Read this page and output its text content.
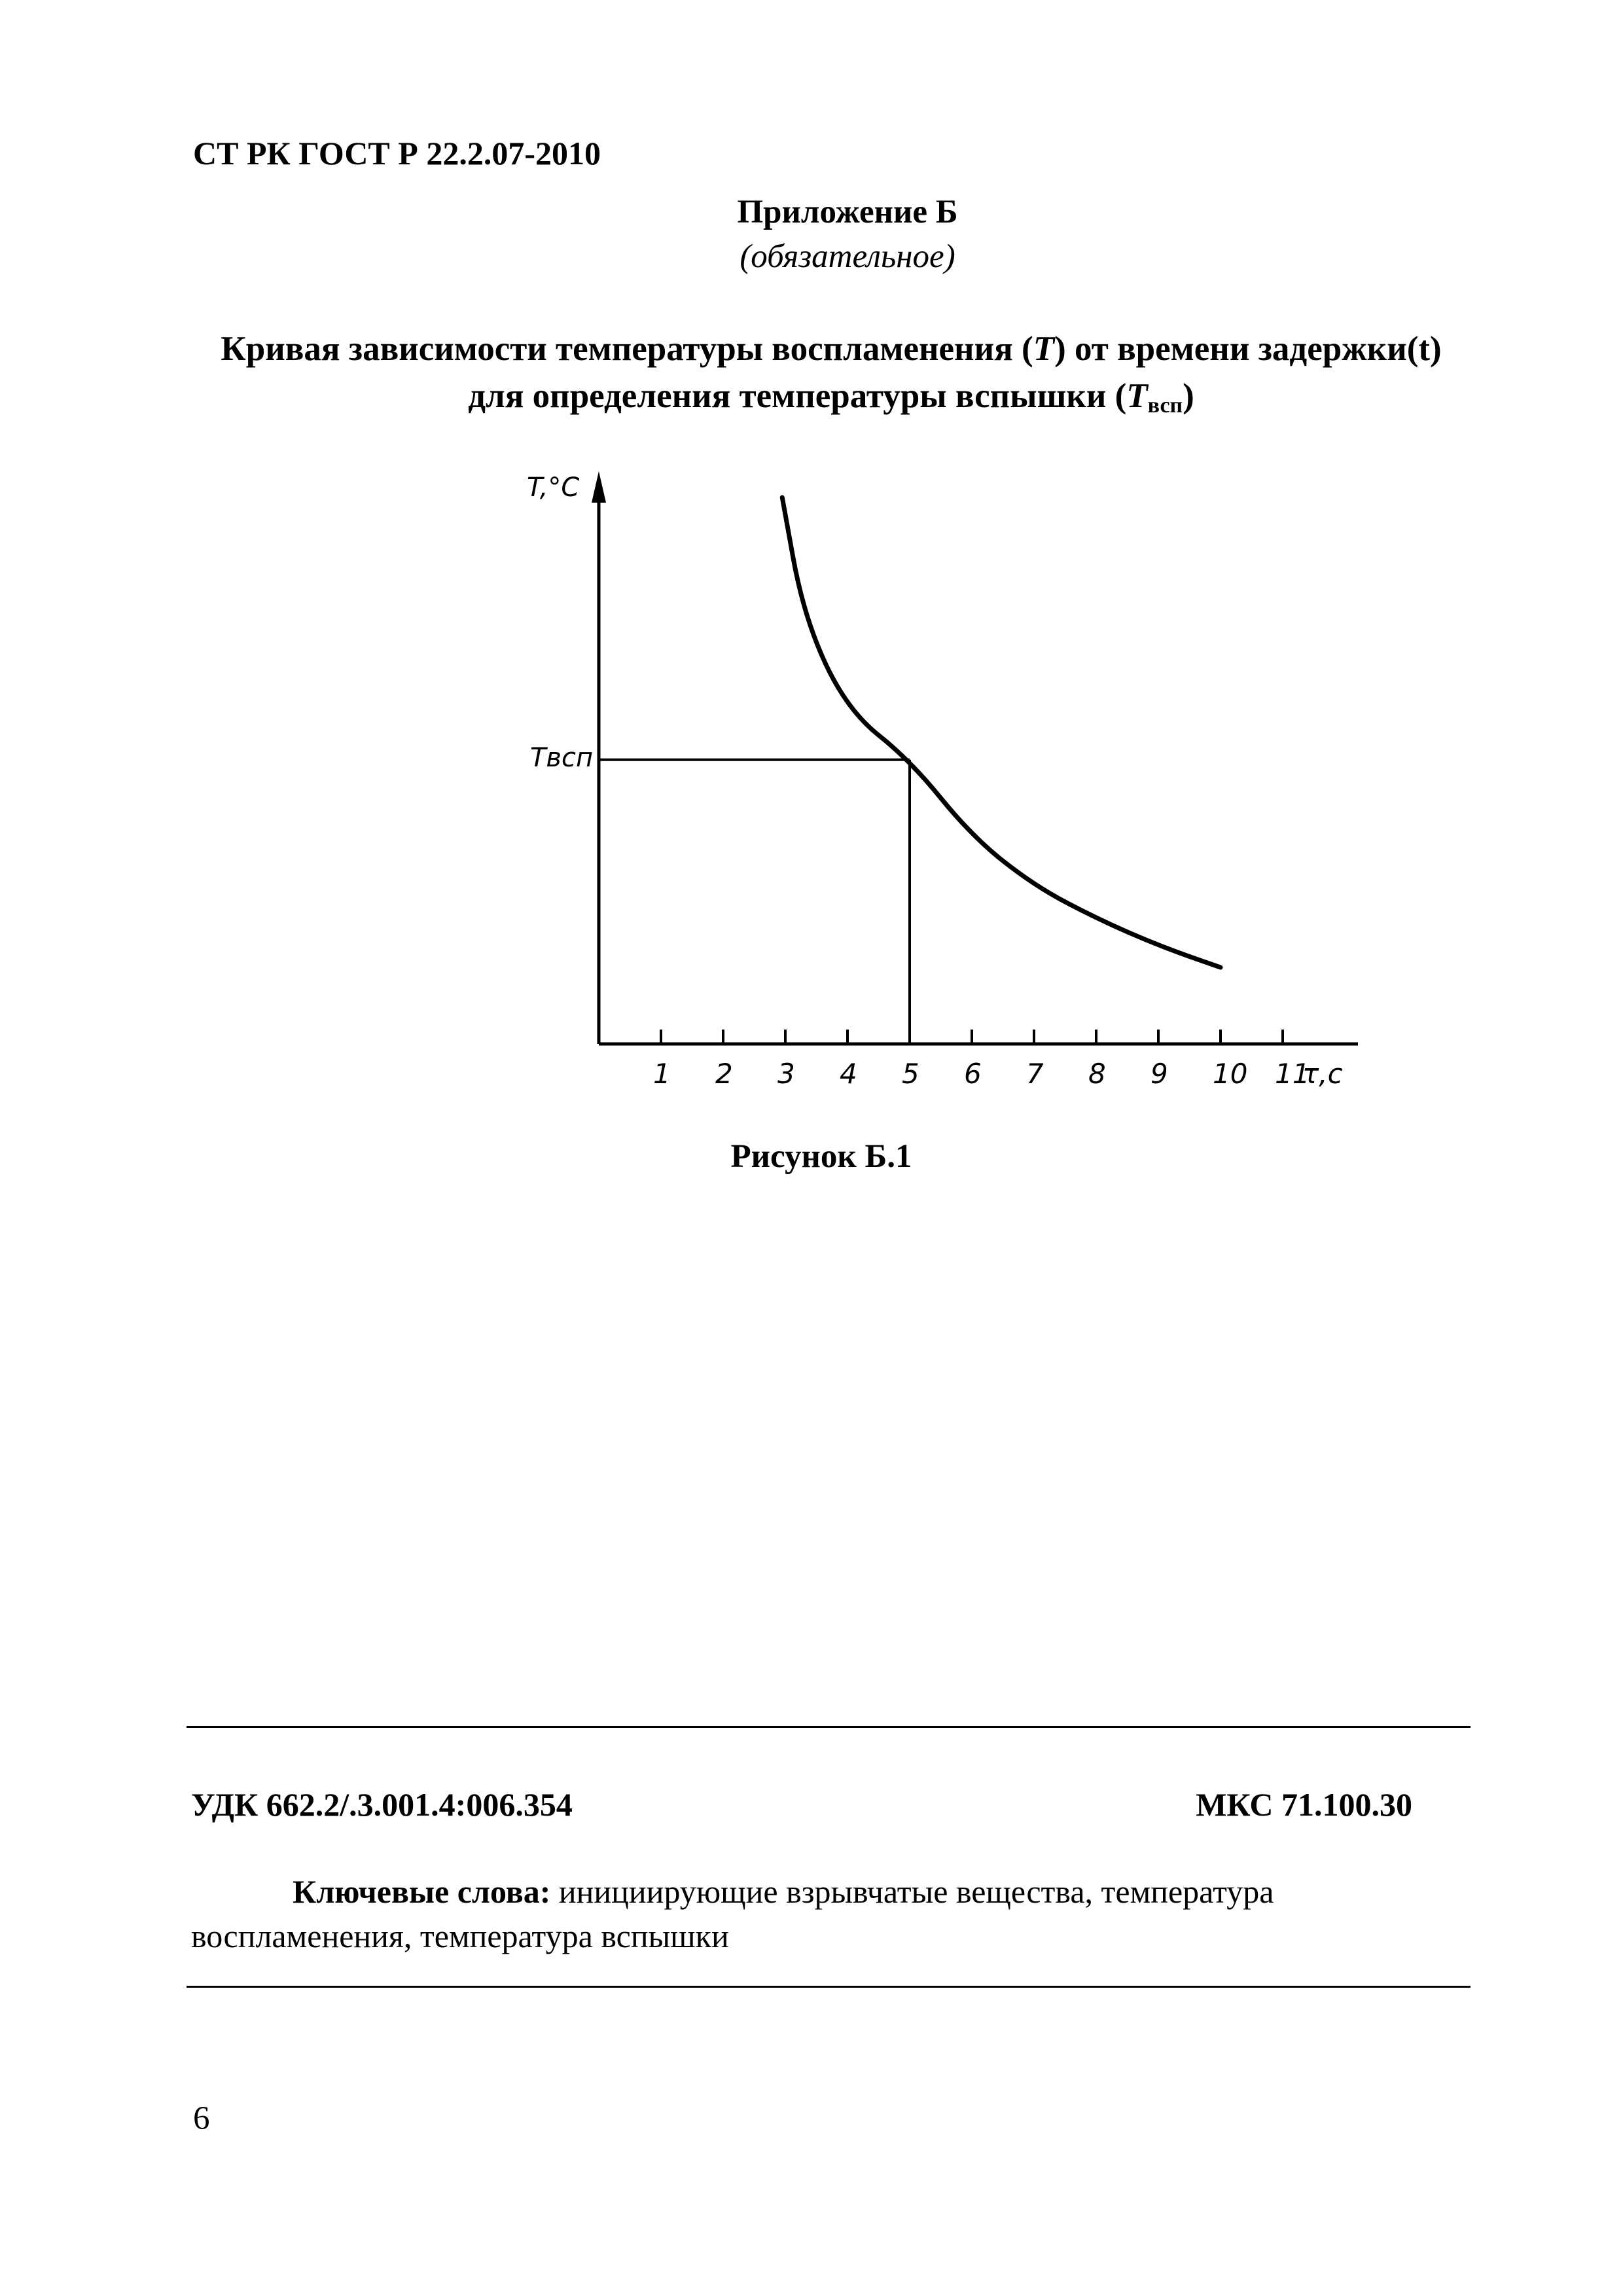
СТ РК ГОСТ Р 22.2.07-2010
Приложение Б
(обязательное)
Кривая зависимости температуры воспламенения (T) от времени задержки(t) для определения температуры вспышки $(T_{всп})$
T,°C
1 2 3 4 5 6 7 8 9 10 11
τ,c
Твсп
Рисунок Б.1
УДК 662.2/.3.001.4:006.354	МКС 71.100.30
Ключевые слова: инициирующие взрывчатые вещества, температура воспламенения, температура вспышки
6
